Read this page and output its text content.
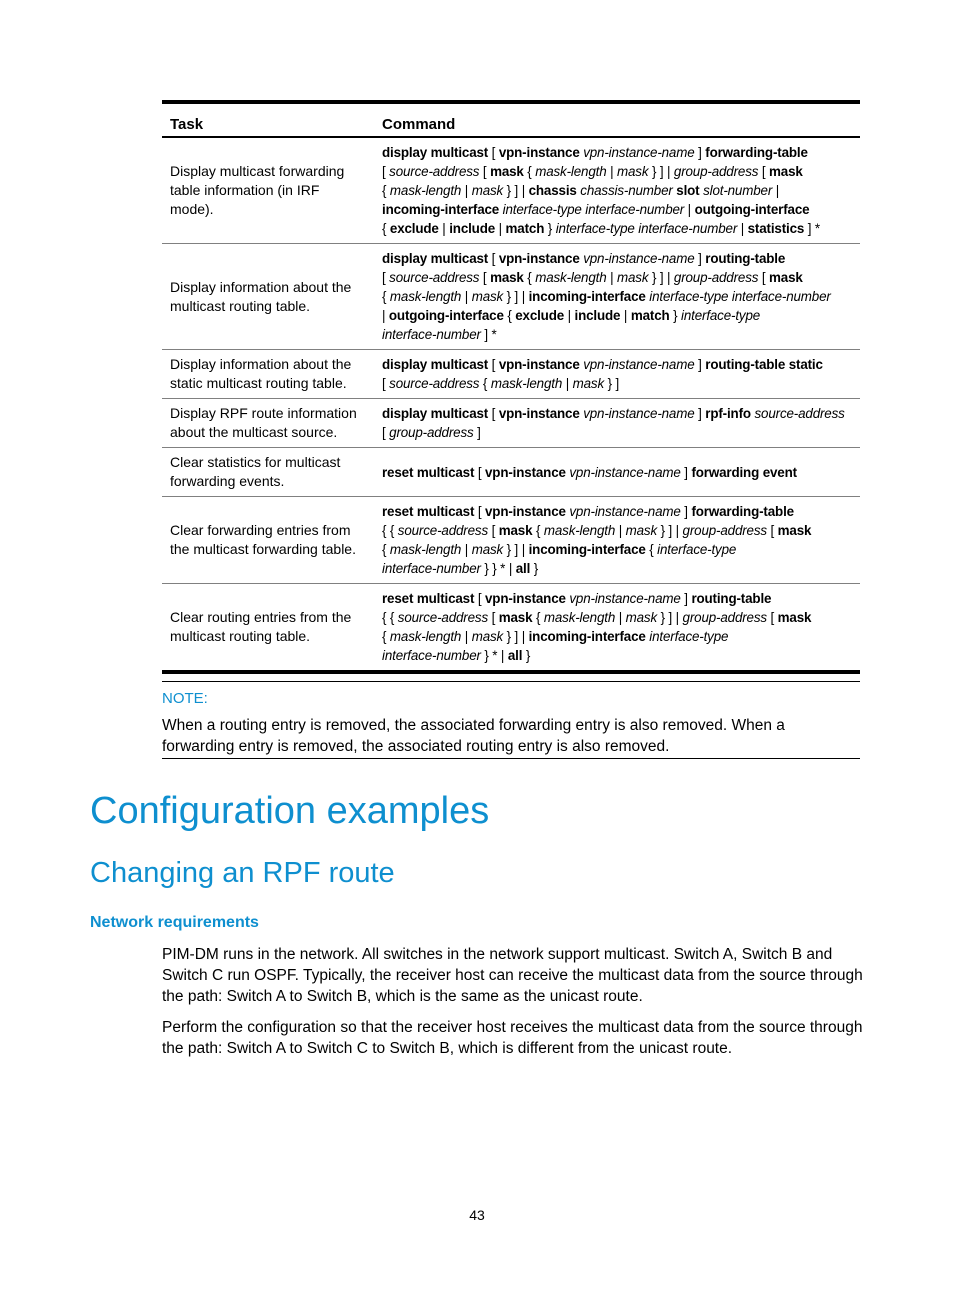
Task	Command
Display multicast forwarding table information (in IRF mode).	display multicast [ vpn-instance vpn-instance-name ] forwarding-table
[ source-address [ mask { mask-length | mask } ] | group-address [ mask
{ mask-length | mask } ] | chassis chassis-number slot slot-number |
incoming-interface interface-type interface-number | outgoing-interface
{ exclude | include | match } interface-type interface-number | statistics ] *
Display information about the multicast routing table.	display multicast [ vpn-instance vpn-instance-name ] routing-table
[ source-address [ mask { mask-length | mask } ] | group-address [ mask
{ mask-length | mask } ] | incoming-interface interface-type interface-number
| outgoing-interface { exclude | include | match } interface-type
interface-number ] *
Display information about the static multicast routing table.	display multicast [ vpn-instance vpn-instance-name ] routing-table static
[ source-address { mask-length | mask } ]
Display RPF route information about the multicast source.	display multicast [ vpn-instance vpn-instance-name ] rpf-info source-address
[ group-address ]
Clear statistics for multicast forwarding events.	reset multicast [ vpn-instance vpn-instance-name ] forwarding event
Clear forwarding entries from the multicast forwarding table.	reset multicast [ vpn-instance vpn-instance-name ] forwarding-table
{ { source-address [ mask { mask-length | mask } ] | group-address [ mask
{ mask-length | mask } ] | incoming-interface { interface-type
interface-number } } * | all }
Clear routing entries from the multicast routing table.	reset multicast [ vpn-instance vpn-instance-name ] routing-table
{ { source-address [ mask { mask-length | mask } ] | group-address [ mask
{ mask-length | mask } ] | incoming-interface interface-type
interface-number } * | all }
NOTE:
When a routing entry is removed, the associated forwarding entry is also removed. When a forwarding entry is removed, the associated routing entry is also removed.
Configuration examples
Changing an RPF route
Network requirements

PIM-DM runs in the network. All switches in the network support multicast. Switch A, Switch B and Switch C run OSPF. Typically, the receiver host can receive the multicast data from the source through the path: Switch A to Switch B, which is the same as the unicast route.

Perform the configuration so that the receiver host receives the multicast data from the source through the path: Switch A to Switch C to Switch B, which is different from the unicast route.

43
